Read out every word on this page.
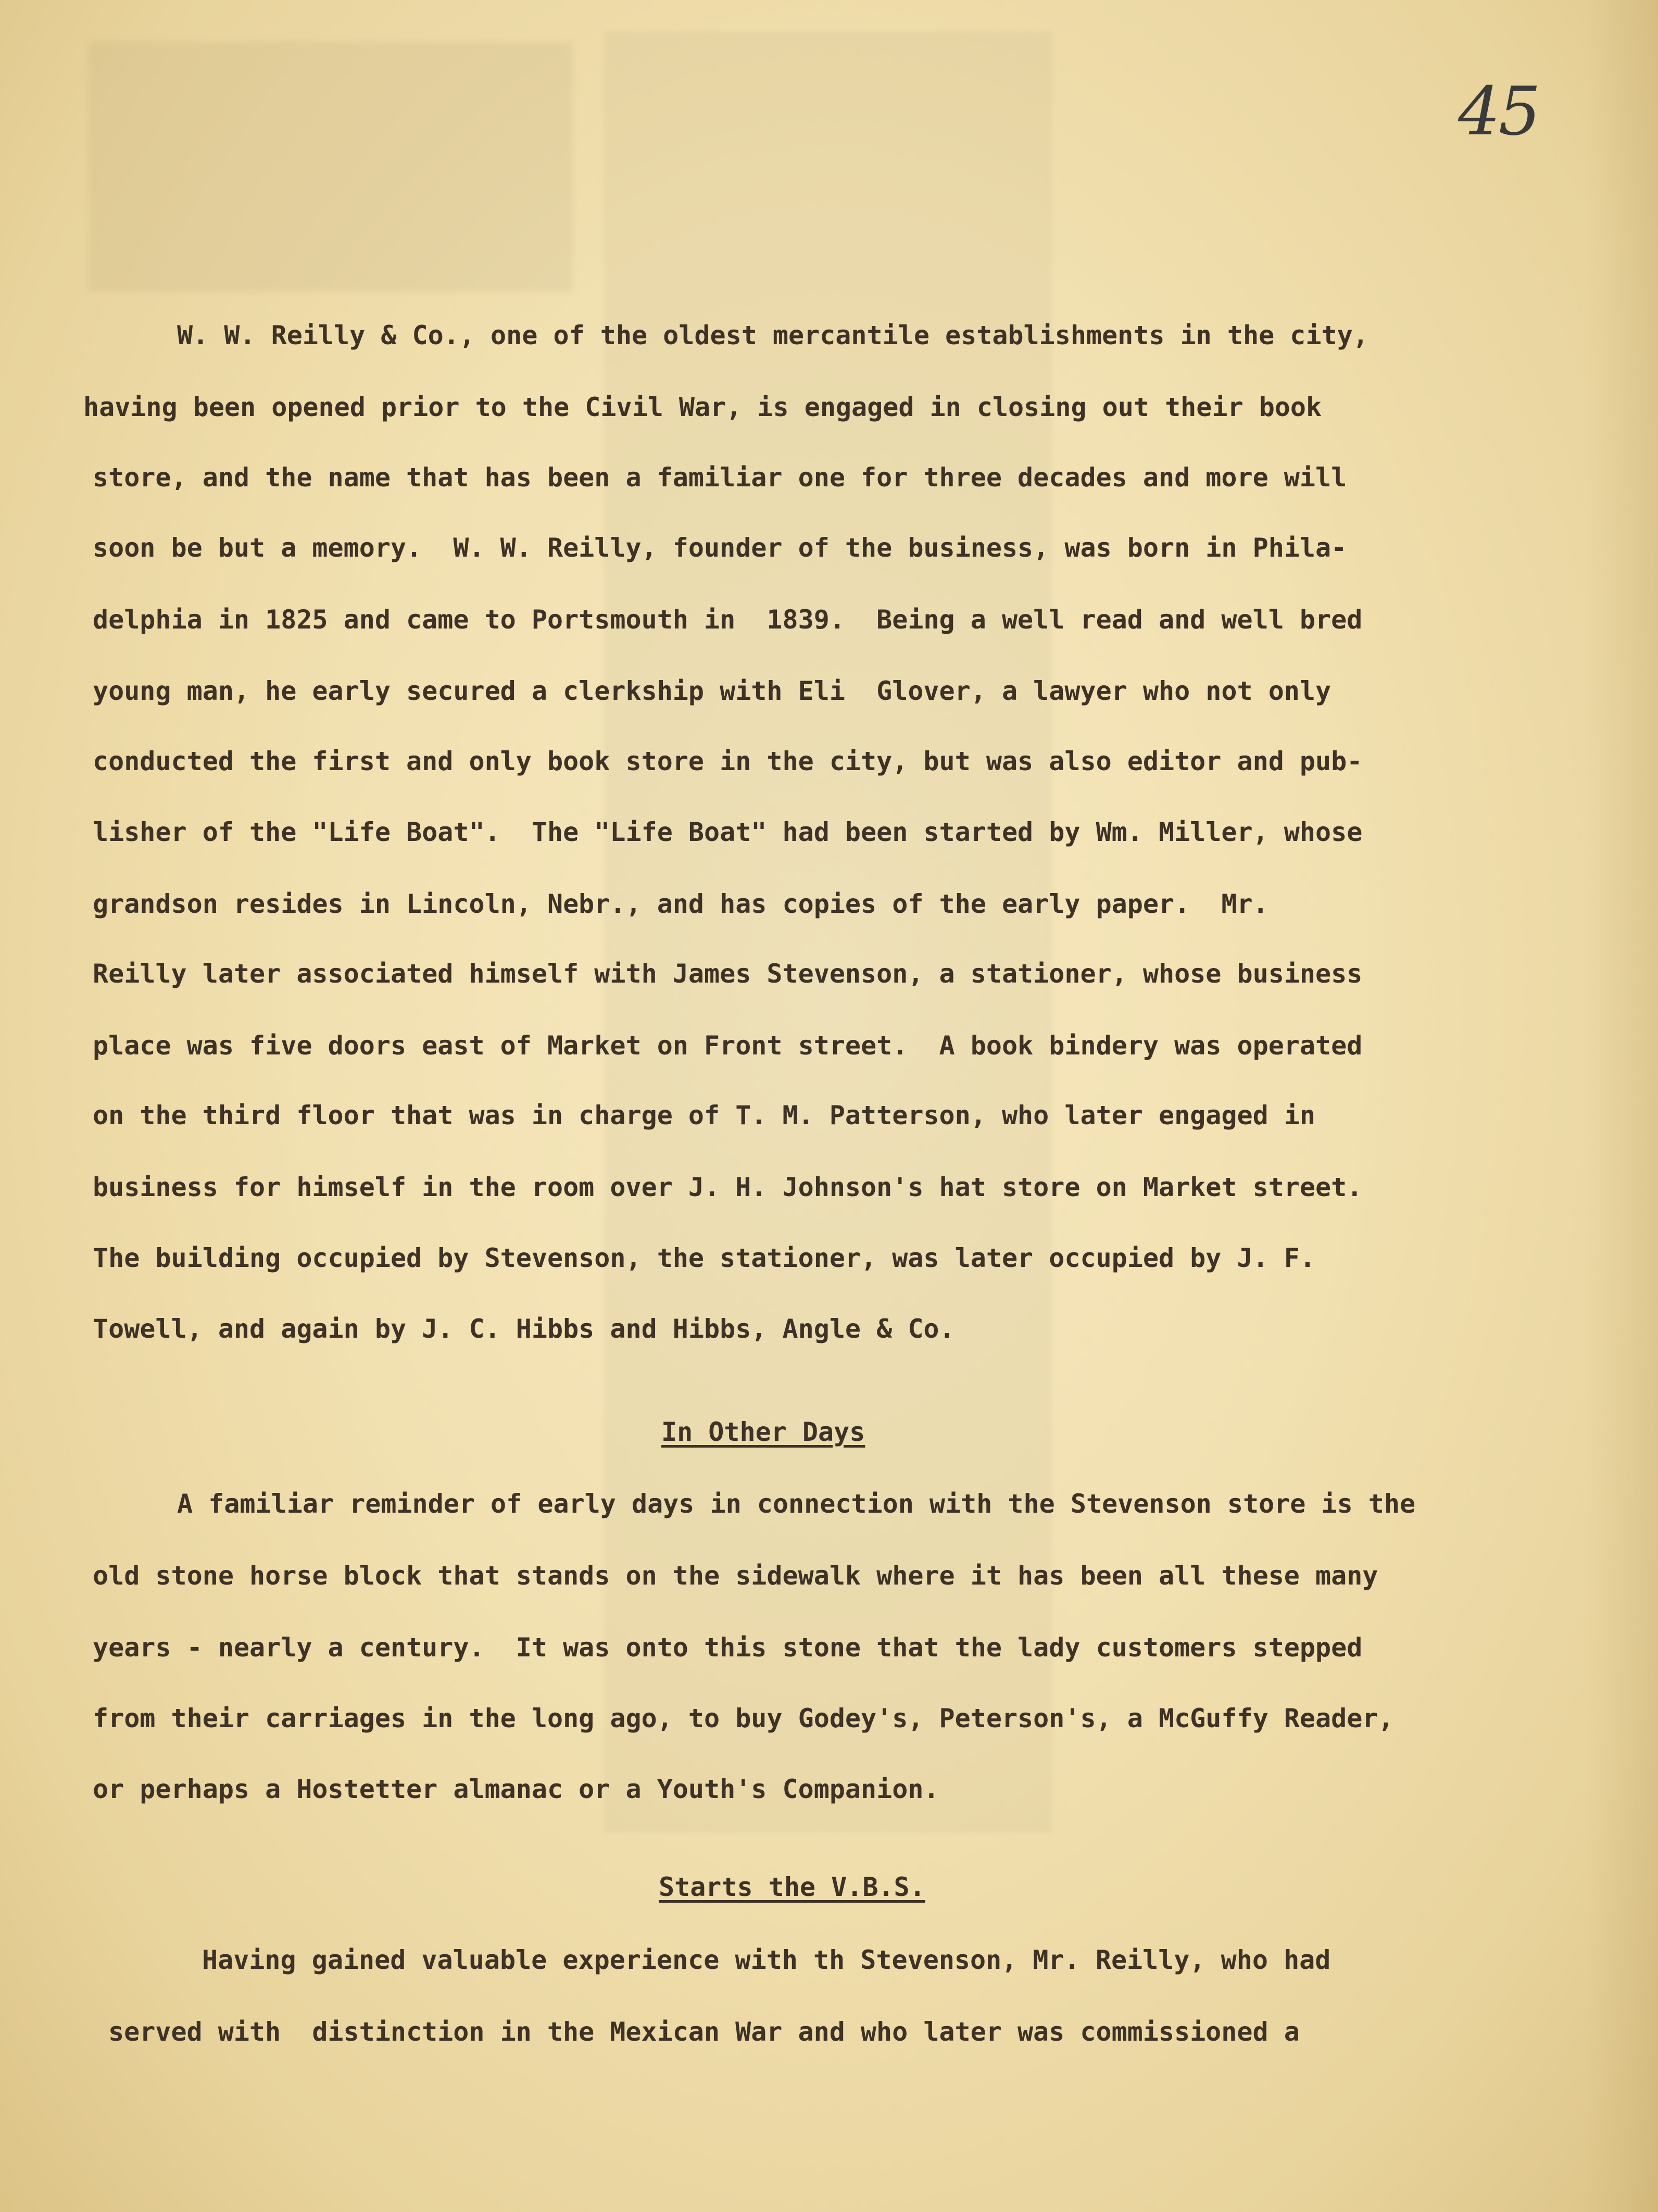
45
W. W. Reilly & Co., one of the oldest mercantile establishments in the city,
having been opened prior to the Civil War, is engaged in closing out their book
store, and the name that has been a familiar one for three decades and more will
soon be but a memory.  W. W. Reilly, founder of the business, was born in Phila-
delphia in 1825 and came to Portsmouth in  1839.  Being a well read and well bred
young man, he early secured a clerkship with Eli  Glover, a lawyer who not only
conducted the first and only book store in the city, but was also editor and pub-
lisher of the "Life Boat".  The "Life Boat" had been started by Wm. Miller, whose
grandson resides in Lincoln, Nebr., and has copies of the early paper.  Mr.
Reilly later associated himself with James Stevenson, a stationer, whose business
place was five doors east of Market on Front street.  A book bindery was operated
on the third floor that was in charge of T. M. Patterson, who later engaged in
business for himself in the room over J. H. Johnson's hat store on Market street.
The building occupied by Stevenson, the stationer, was later occupied by J. F.
Towell, and again by J. C. Hibbs and Hibbs, Angle & Co.
In Other Days
A familiar reminder of early days in connection with the Stevenson store is the
old stone horse block that stands on the sidewalk where it has been all these many
years - nearly a century.  It was onto this stone that the lady customers stepped
from their carriages in the long ago, to buy Godey's, Peterson's, a McGuffy Reader,
or perhaps a Hostetter almanac or a Youth's Companion.
Starts the V.B.S.
Having gained valuable experience with th Stevenson, Mr. Reilly, who had
served with  distinction in the Mexican War and who later was commissioned a
